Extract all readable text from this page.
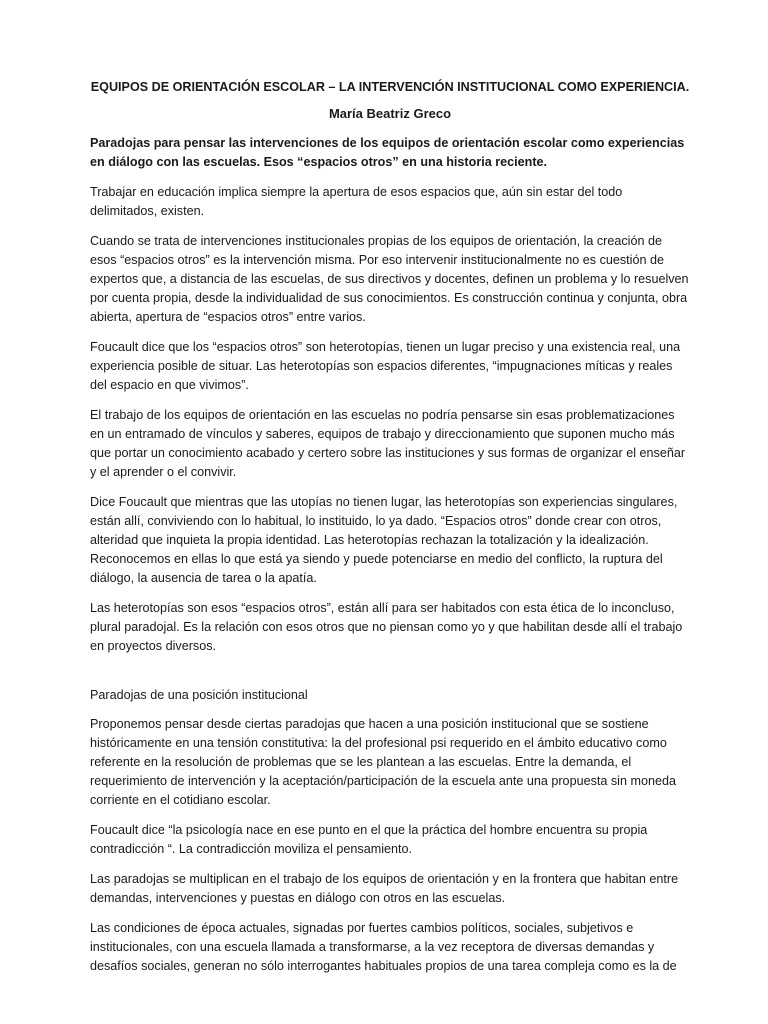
EQUIPOS DE ORIENTACIÓN ESCOLAR – LA INTERVENCIÓN INSTITUCIONAL COMO EXPERIENCIA.

María Beatriz Greco

Paradojas para pensar las intervenciones de los equipos de orientación escolar como experiencias en diálogo con las escuelas. Esos “espacios otros” en una historia reciente.

Trabajar en educación implica siempre la apertura de esos espacios que, aún sin estar del todo delimitados, existen.

Cuando se trata de intervenciones institucionales propias de los equipos de orientación, la creación de esos “espacios otros” es la intervención misma. Por eso intervenir institucionalmente no es cuestión de expertos que, a distancia de las escuelas, de sus directivos y docentes, definen un problema y lo resuelven por cuenta propia, desde la individualidad de sus conocimientos. Es construcción continua y conjunta, obra abierta, apertura de “espacios otros” entre varios.

Foucault dice que los “espacios otros” son heterotopías, tienen un lugar preciso y una existencia real, una experiencia posible de situar. Las heterotopías son espacios diferentes, “impugnaciones míticas y reales del espacio en que vivimos”.

El trabajo de los equipos de orientación en las escuelas no podría pensarse sin esas problematizaciones en un entramado de vínculos y saberes, equipos de trabajo y direccionamiento que suponen mucho más que portar un conocimiento acabado y certero sobre las instituciones y sus formas de organizar el enseñar y el aprender o el convivir.

Dice Foucault que mientras que las utopías no tienen lugar, las heterotopías son experiencias singulares, están allí, conviviendo con lo habitual, lo instituido, lo ya dado. “Espacios otros” donde crear con otros, alteridad que inquieta la propia identidad. Las heterotopías rechazan la totalización y la idealización. Reconocemos en ellas lo que está ya siendo y puede potenciarse en medio del conflicto, la ruptura del diálogo, la ausencia de tarea o la apatía.

Las heterotopías son esos “espacios otros”, están allí para ser habitados con esta ética de lo inconcluso, plural paradojal. Es la relación con esos otros que no piensan como yo y que habilitan desde allí el trabajo en proyectos diversos.

Paradojas de una posición institucional

Proponemos pensar desde ciertas paradojas que hacen a una posición institucional que se sostiene históricamente en una tensión constitutiva: la del profesional psi requerido en el ámbito educativo como referente en la resolución de problemas que se les plantean a las escuelas. Entre la demanda, el requerimiento de intervención y la aceptación/participación de la escuela ante una propuesta sin moneda corriente en el cotidiano escolar.

Foucault dice “la psicología nace en ese punto en el que la práctica del hombre encuentra su propia contradicción “. La contradicción moviliza el pensamiento.

Las paradojas se multiplican en el trabajo de los equipos de orientación y en la frontera que habitan entre demandas, intervenciones y puestas en diálogo con otros en las escuelas.

Las condiciones de época actuales, signadas por fuertes cambios políticos, sociales, subjetivos e institucionales, con una escuela llamada a transformarse, a la vez receptora de diversas demandas y desafíos sociales, generan no sólo interrogantes habituales propios de una tarea compleja como es la de
